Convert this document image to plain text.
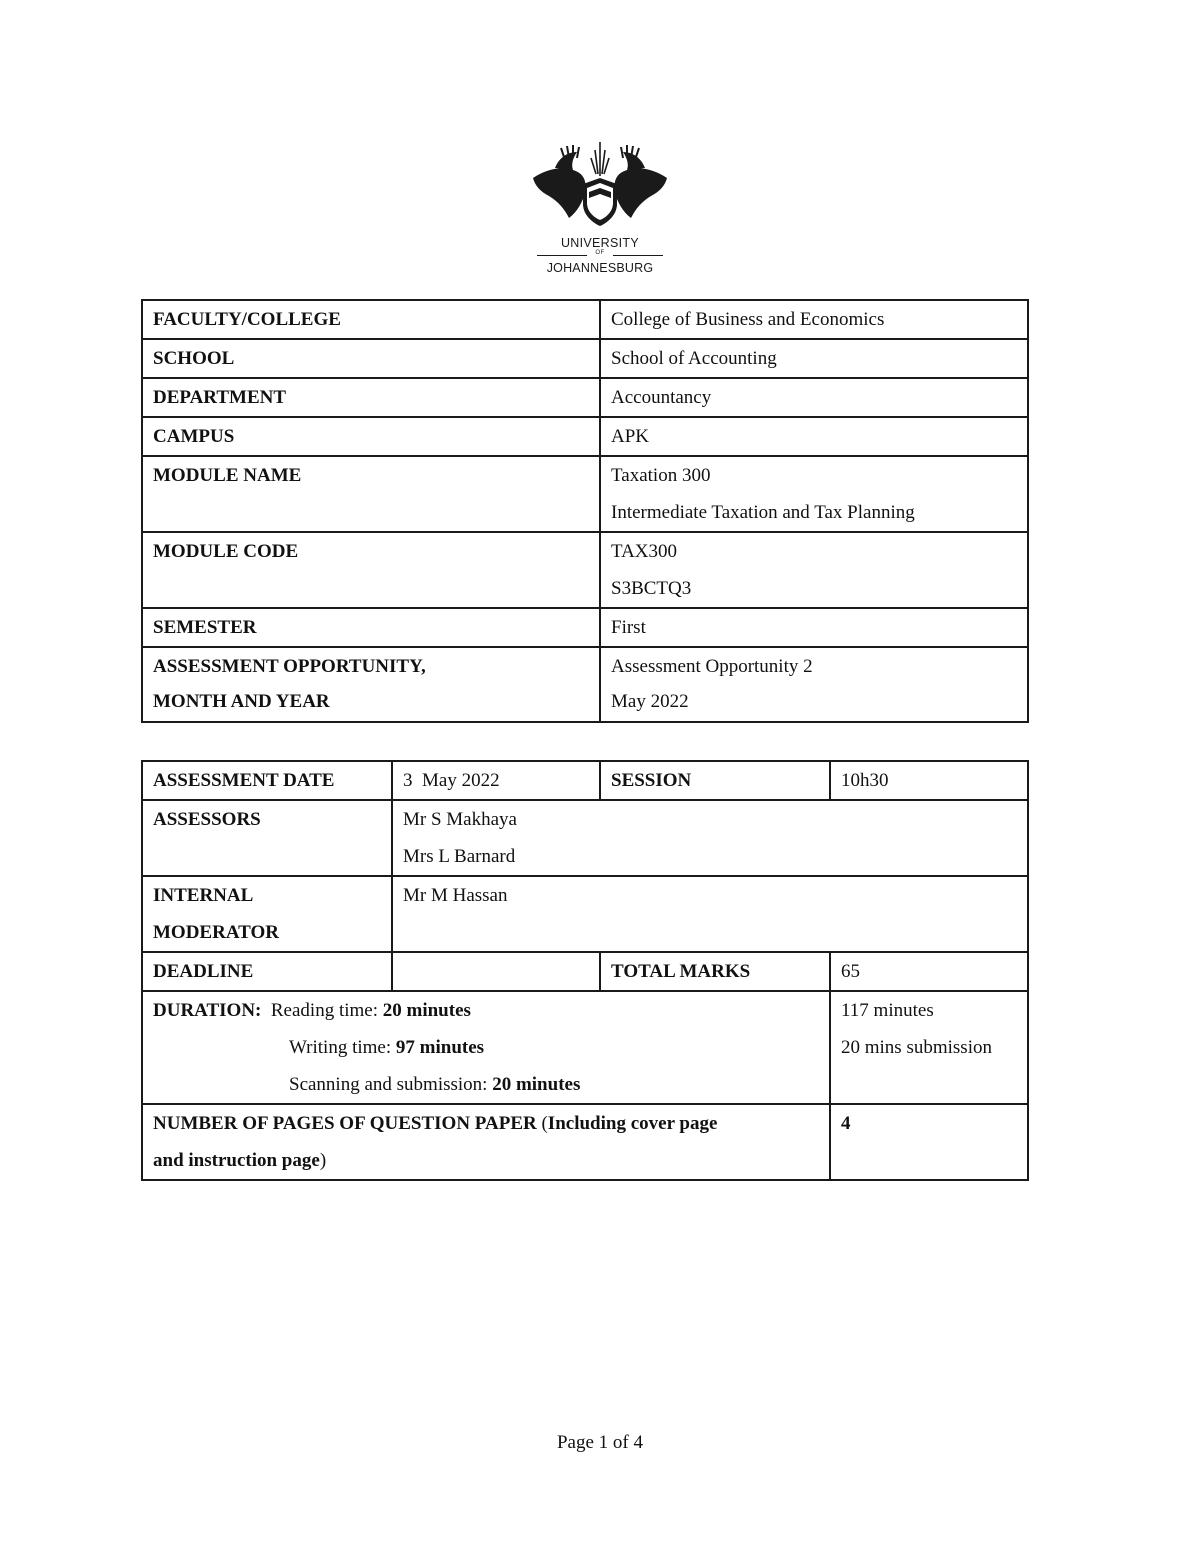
UNIVERSITY
OF
JOHANNESBURG
FACULTY/COLLEGE	College of Business and Economics
SCHOOL	School of Accounting
DEPARTMENT	Accountancy
CAMPUS	APK
MODULE NAME	Taxation 300
Intermediate Taxation and Tax Planning

MODULE CODE	TAX300
S3BCTQ3

SEMESTER	First

ASSESSMENT OPPORTUNITY,
MONTH AND YEAR	Assessment Opportunity 2
May 2022
ASSESSMENT DATE	3  May 2022	SESSION	10h30
ASSESSORS	Mr S Makhaya
Mrs L Barnard		

INTERNAL
MODERATOR	Mr M Hassan		
DEADLINE		TOTAL MARKS	65

DURATION: Reading time: 20 minutes
Writing time: 97 minutes
Scanning and submission: 20 minutes			117 minutes
20 mins submission

NUMBER OF PAGES OF QUESTION PAPER (Including cover page
and instruction page)			4
Page 1 of 4
